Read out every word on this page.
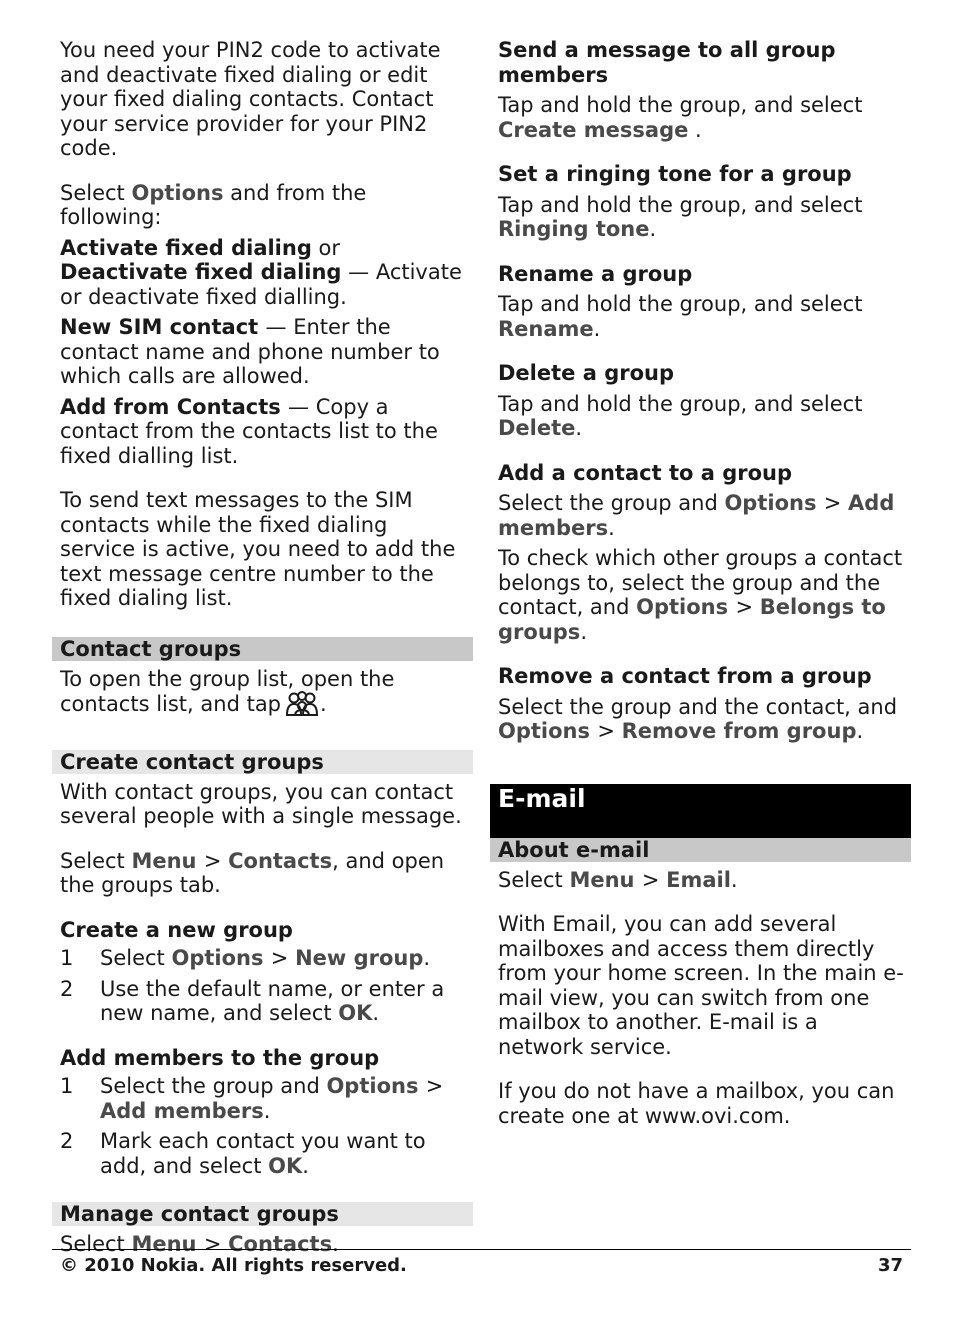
You need your PIN2 code to activate and deactivate fixed dialing or edit your fixed dialing contacts. Contact your service provider for your PIN2 code.

Select Options and from the following:

Activate fixed dialing or Deactivate fixed dialing — Activate or deactivate fixed dialling.

New SIM contact — Enter the contact name and phone number to which calls are allowed.

Add from Contacts — Copy a contact from the contacts list to the fixed dialling list.

To send text messages to the SIM contacts while the fixed dialing service is active, you need to add the text message centre number to the fixed dialing list.

Contact groups

To open the group list, open the contacts list, and tap .

Create contact groups

With contact groups, you can contact several people with a single message.

Select Menu > Contacts, and open the groups tab.

Create a new group

1	Select Options > New group.
2	Use the default name, or enter a new name, and select OK.

Add members to the group

1	Select the group and Options > Add members.
2	Mark each contact you want to add, and select OK.
Manage contact groups

Select Menu > Contacts.

Send a message to all group members

Tap and hold the group, and select Create message .

Set a ringing tone for a group

Tap and hold the group, and select Ringing tone.

Rename a group

Tap and hold the group, and select Rename.

Delete a group

Tap and hold the group, and select Delete.

Add a contact to a group

Select the group and Options > Add members.

To check which other groups a contact belongs to, select the group and the contact, and Options > Belongs to groups.

Remove a contact from a group

Select the group and the contact, and Options > Remove from group.

E-mail
About e-mail

Select Menu > Email.

With Email, you can add several mailboxes and access them directly from your home screen. In the main e-mail view, you can switch from one mailbox to another. E-mail is a network service.

If you do not have a mailbox, you can create one at www.ovi.com.

© 2010 Nokia. All rights reserved.	37
